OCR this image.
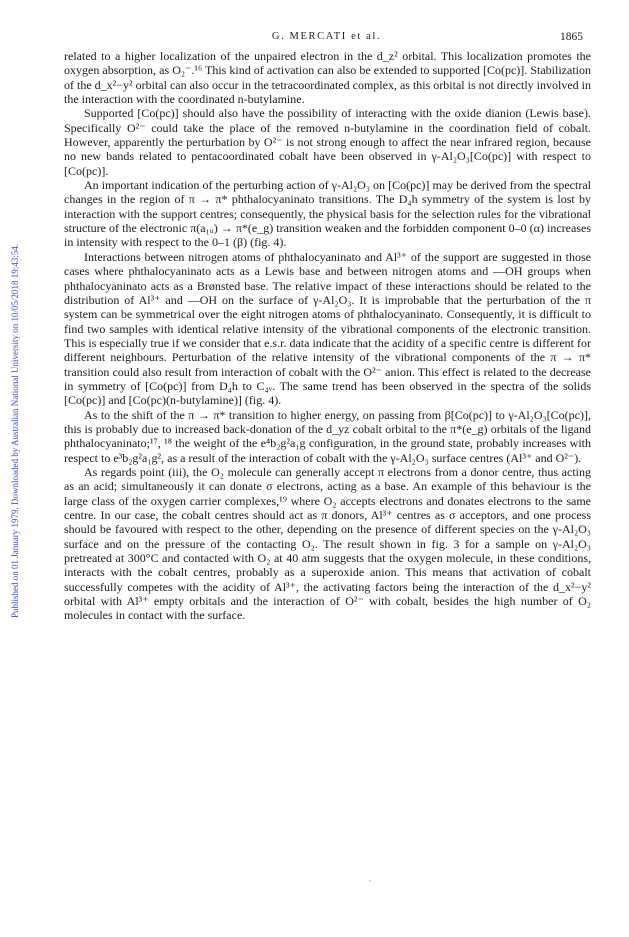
G. MERCATI et al.	1865
Published on 01 January 1979. Downloaded by Australian National University on 10/05/2018 19:43:54.

related to a higher localization of the unpaired electron in the d_z² orbital. This localization promotes the oxygen absorption, as O₂⁻.¹⁶ This kind of activation can also be extended to supported [Co(pc)]. Stabilization of the d_x²−y² orbital can also occur in the tetracoordinated complex, as this orbital is not directly involved in the interaction with the coordinated n-butylamine.

Supported [Co(pc)] should also have the possibility of interacting with the oxide dianion (Lewis base). Specifically O²⁻ could take the place of the removed n-butylamine in the coordination field of cobalt. However, apparently the perturbation by O²⁻ is not strong enough to affect the near infrared region, because no new bands related to pentacoordinated cobalt have been observed in γ-Al₂O₃[Co(pc)] with respect to [Co(pc)].

An important indication of the perturbing action of γ-Al₂O₃ on [Co(pc)] may be derived from the spectral changes in the region of π → π* phthalocyaninato transitions. The D₄h symmetry of the system is lost by interaction with the support centres; consequently, the physical basis for the selection rules for the vibrational structure of the electronic π(a₁ᵤ) → π*(e_g) transition weaken and the forbidden component 0–0 (α) increases in intensity with respect to the 0–1 (β) (fig. 4).

Interactions between nitrogen atoms of phthalocyaninato and Al³⁺ of the support are suggested in those cases where phthalocyaninato acts as a Lewis base and between nitrogen atoms and —OH groups when phthalocyaninato acts as a Brønsted base. The relative impact of these interactions should be related to the distribution of Al³⁺ and —OH on the surface of γ-Al₂O₃. It is improbable that the perturbation of the π system can be symmetrical over the eight nitrogen atoms of phthalocyaninato. Consequently, it is difficult to find two samples with identical relative intensity of the vibrational components of the electronic transition. This is especially true if we consider that e.s.r. data indicate that the acidity of a specific centre is different for different neighbours. Perturbation of the relative intensity of the vibrational components of the π → π* transition could also result from interaction of cobalt with the O²⁻ anion. This effect is related to the decrease in symmetry of [Co(pc)] from D₄h to C₄ᵥ. The same trend has been observed in the spectra of the solids [Co(pc)] and [Co(pc)(n-butylamine)] (fig. 4).

As to the shift of the π → π* transition to higher energy, on passing from β[Co(pc)] to γ-Al₂O₃[Co(pc)], this is probably due to increased back-donation of the d_yz cobalt orbital to the π*(e_g) orbitals of the ligand phthalocyaninato;¹⁷, ¹⁸ the weight of the e⁴b₂g²a₁g configuration, in the ground state, probably increases with respect to e³b₂g²a₁g², as a result of the interaction of cobalt with the γ-Al₂O₃ surface centres (Al³⁺ and O²⁻).

As regards point (iii), the O₂ molecule can generally accept π electrons from a donor centre, thus acting as an acid; simultaneously it can donate σ electrons, acting as a base. An example of this behaviour is the large class of the oxygen carrier complexes,¹⁹ where O₂ accepts electrons and donates electrons to the same centre. In our case, the cobalt centres should act as π donors, Al³⁺ centres as σ acceptors, and one process should be favoured with respect to the other, depending on the presence of different species on the γ-Al₂O₃ surface and on the pressure of the contacting O₂. The result shown in fig. 3 for a sample on γ-Al₂O₃ pretreated at 300°C and contacted with O₂ at 40 atm suggests that the oxygen molecule, in these conditions, interacts with the cobalt centres, probably as a superoxide anion. This means that activation of cobalt successfully competes with the acidity of Al³⁺, the activating factors being the interaction of the d_x²−y² orbital with Al³⁺ empty orbitals and the interaction of O²⁻ with cobalt, besides the high number of O₂ molecules in contact with the surface.
